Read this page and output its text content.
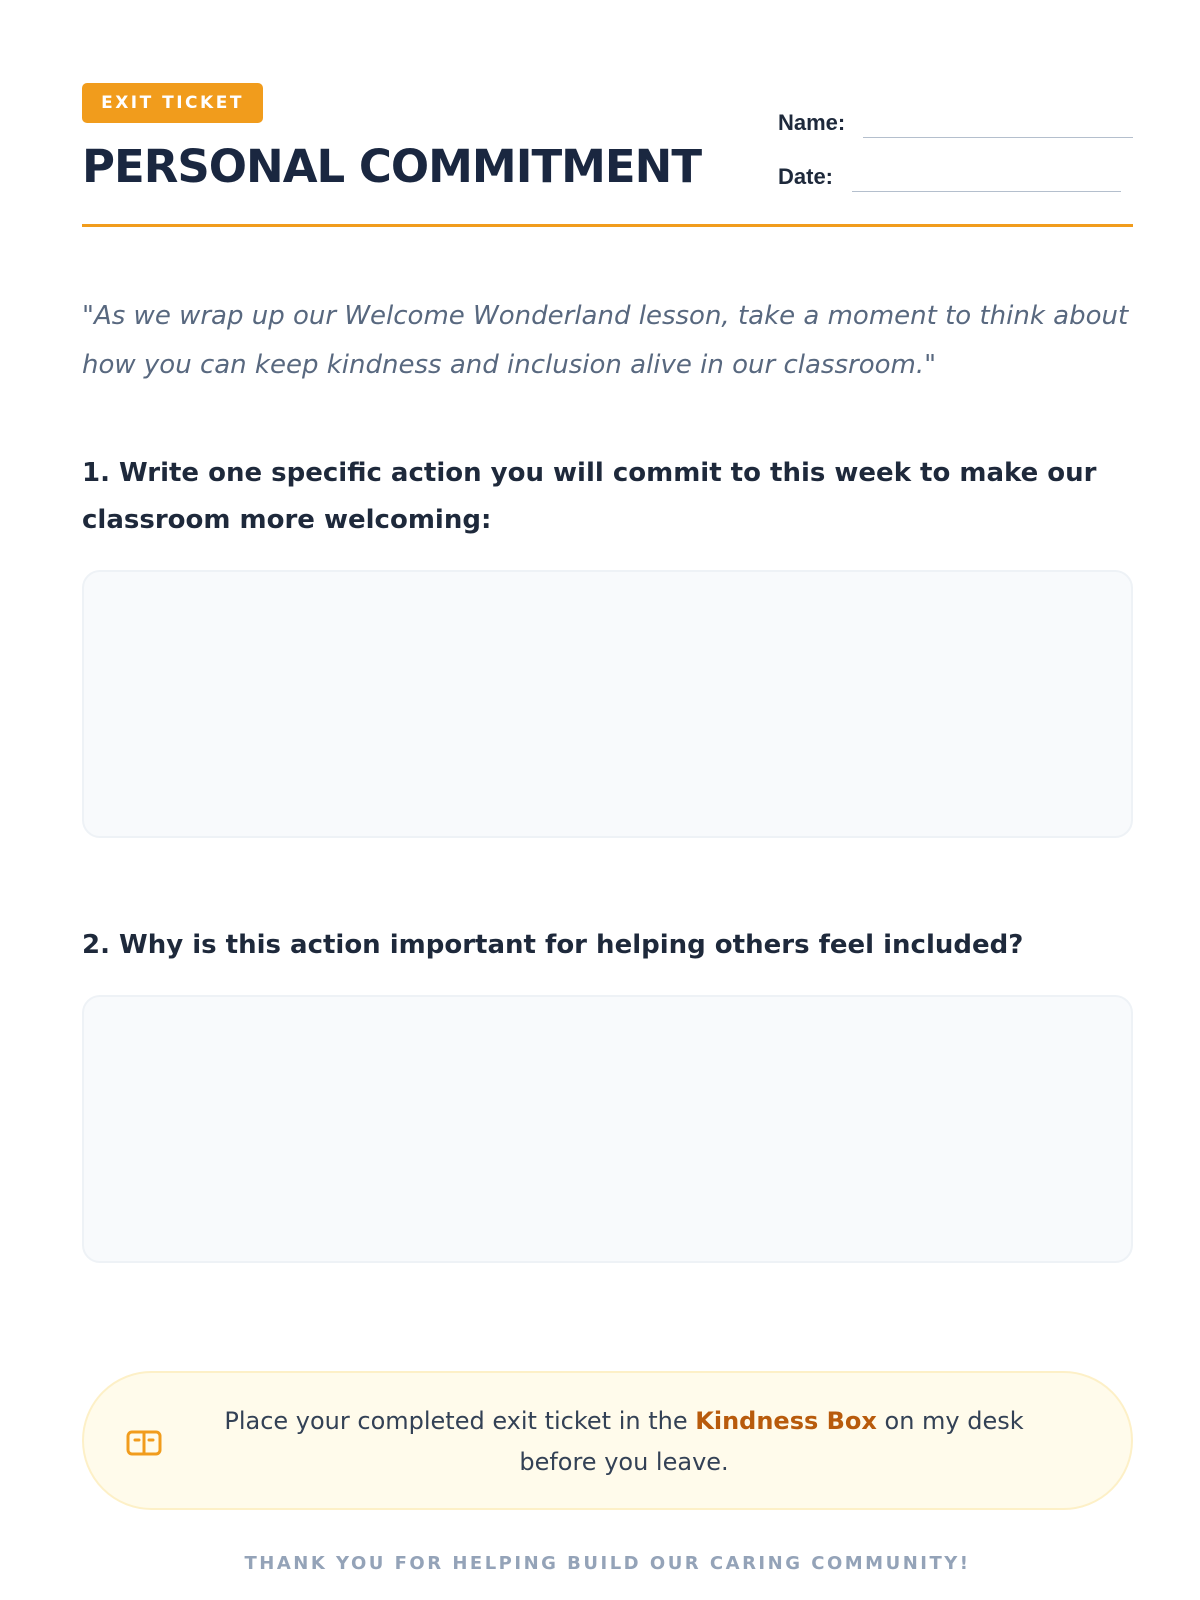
EXIT TICKET
PERSONAL COMMITMENT
Name:
Date:

"As we wrap up our Welcome Wonderland lesson, take a moment to think about how you can keep kindness and inclusion alive in our classroom."

1. Write one specific action you will commit to this week to make our classroom more welcoming:

2. Why is this action important for helping others feel included?

Place your completed exit ticket in the Kindness Box on my desk before you leave.

THANK YOU FOR HELPING BUILD OUR CARING COMMUNITY!
